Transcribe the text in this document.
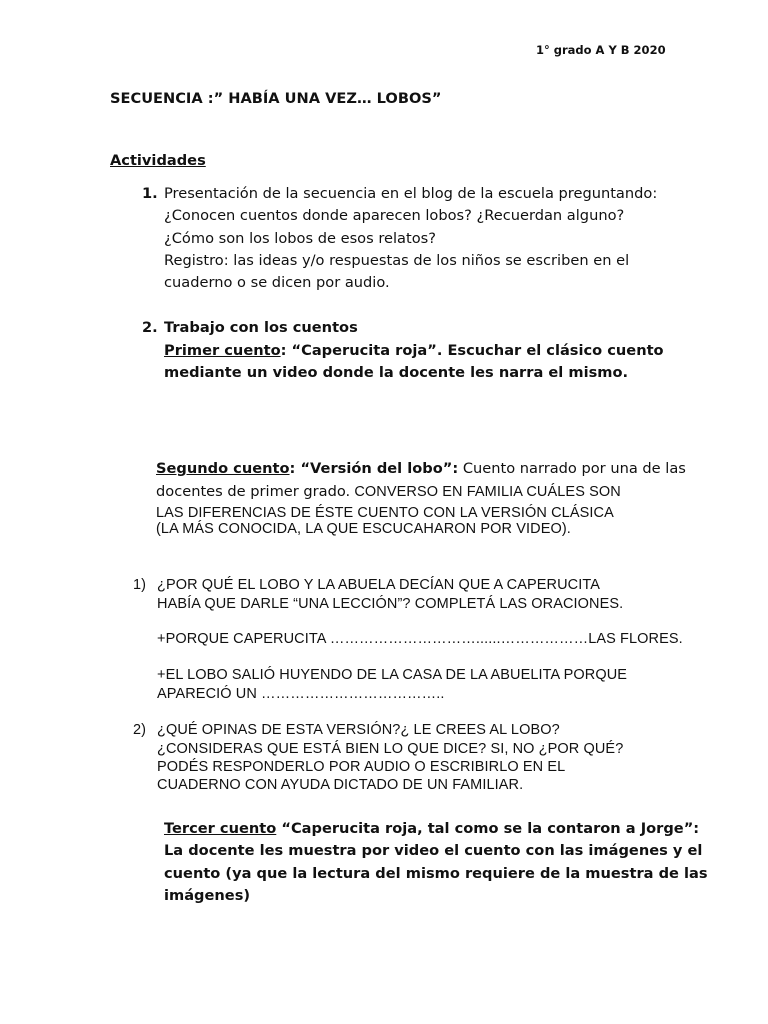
1° grado A Y B 2020

SECUENCIA :” HABÍA UNA VEZ… LOBOS”

Actividades

1. Presentación de la secuencia en el blog de la escuela preguntando:

¿Conocen cuentos donde aparecen lobos? ¿Recuerdan alguno?

¿Cómo son los lobos de esos relatos?

Registro: las ideas y/o respuestas de los niños se escriben en el

cuaderno o se dicen por audio.

2. Trabajo con los cuentos

Primer cuento: “Caperucita roja”. Escuchar el clásico cuento

mediante un video donde la docente les narra el mismo.

Segundo cuento: “Versión del lobo”: Cuento narrado por una de las

docentes de primer grado. CONVERSO EN FAMILIA CUÁLES SON

LAS DIFERENCIAS DE ÉSTE CUENTO CON LA VERSIÓN CLÁSICA

(LA MÁS CONOCIDA, LA QUE ESCUCAHARON POR VIDEO).

1) ¿POR QUÉ EL LOBO Y LA ABUELA DECÍAN QUE A CAPERUCITA

HABÍA QUE DARLE “UNA LECCIÓN”? COMPLETÁ LAS ORACIONES.

+PORQUE CAPERUCITA …………………………......………………LAS FLORES.

+EL LOBO SALIÓ HUYENDO DE LA CASA DE LA ABUELITA PORQUE

APARECIÓ UN ………………………………..

2) ¿QUÉ OPINAS DE ESTA VERSIÓN?¿ LE CREES AL LOBO?

¿CONSIDERAS QUE ESTÁ BIEN LO QUE DICE? SI, NO ¿POR QUÉ?

PODÉS RESPONDERLO POR AUDIO O ESCRIBIRLO EN EL

CUADERNO CON AYUDA DICTADO DE UN FAMILIAR.

Tercer cuento “Caperucita roja, tal como se la contaron a Jorge”:

La docente les muestra por video el cuento con las imágenes y el

cuento (ya que la lectura del mismo requiere de la muestra de las

imágenes)
